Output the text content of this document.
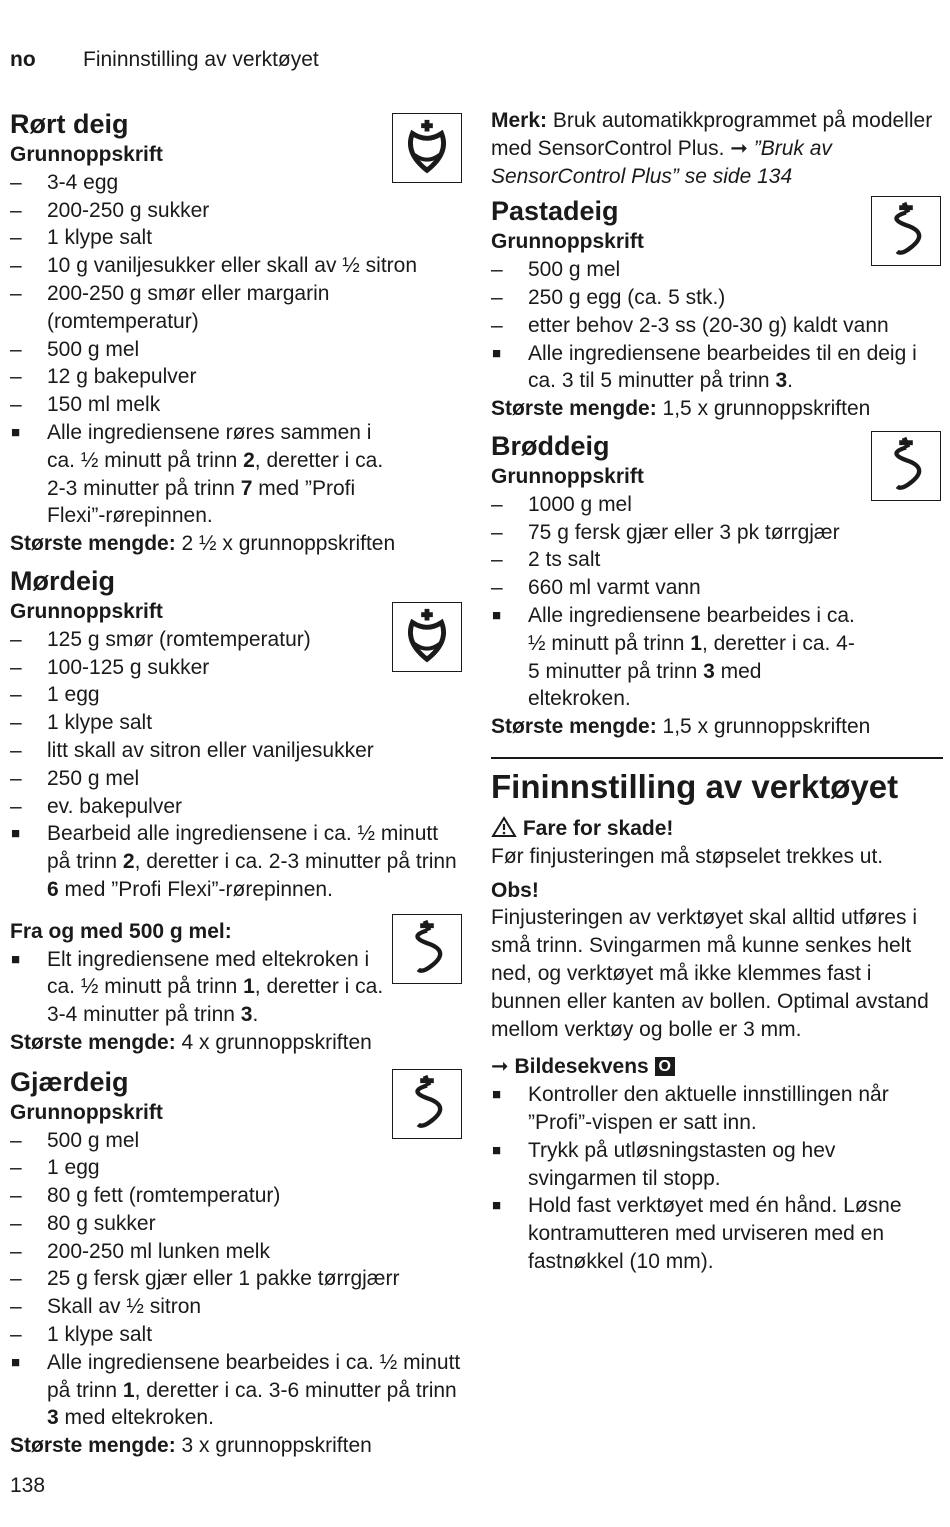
no Fininnstilling av verktøyet
Rørt deig

Grunnoppskrift

– 3-4 egg
– 200-250 g sukker
– 1 klype salt
– 10 g vaniljesukker eller skall av ½ sitron
– 200-250 g smør eller margarin (romtemperatur)
– 500 g mel
– 12 g bakepulver
– 150 ml melk
■ Alle ingrediensene røres sammen i ca. ½ minutt på trinn 2, deretter i ca. 2-3 minutter på trinn 7 med ”Profi Flexi”-rørepinnen.

Største mengde: 2 ½ x grunnoppskriften

Mørdeig

Grunnoppskrift

– 125 g smør (romtemperatur)
– 100-125 g sukker
– 1 egg
– 1 klype salt
– litt skall av sitron eller vaniljesukker
– 250 g mel
– ev. bakepulver
■ Bearbeid alle ingrediensene i ca. ½ minutt på trinn 2, deretter i ca. 2-3 minutter på trinn 6 med ”Profi Flexi”-rørepinnen.

Fra og med 500 g mel:

■ Elt ingrediensene med eltekroken i ca. ½ minutt på trinn 1, deretter i ca. 3-4 minutter på trinn 3.

Største mengde: 4 x grunnoppskriften

Gjærdeig

Grunnoppskrift

– 500 g mel
– 1 egg
– 80 g fett (romtemperatur)
– 80 g sukker
– 200-250 ml lunken melk
– 25 g fersk gjær eller 1 pakke tørrgjærr
– Skall av ½ sitron
– 1 klype salt
■ Alle ingrediensene bearbeides i ca. ½ minutt på trinn 1, deretter i ca. 3-6 minutter på trinn 3 med eltekroken.

Største mengde: 3 x grunnoppskriften

Merk: Bruk automatikkprogrammet på modeller med SensorControl Plus. ➞ ”Bruk av SensorControl Plus” se side 134

Pastadeig

Grunnoppskrift

– 500 g mel
– 250 g egg (ca. 5 stk.)
– etter behov 2-3 ss (20-30 g) kaldt vann
■ Alle ingrediensene bearbeides til en deig i ca. 3 til 5 minutter på trinn 3.

Største mengde: 1,5 x grunnoppskriften

Brøddeig

Grunnoppskrift

– 1000 g mel
– 75 g fersk gjær eller 3 pk tørrgjær
– 2 ts salt
– 660 ml varmt vann
■ Alle ingrediensene bearbeides i ca. ½ minutt på trinn 1, deretter i ca. 4-5 minutter på trinn 3 med eltekroken.

Største mengde: 1,5 x grunnoppskriften

Fininnstilling av verktøyet

Fare for skade!

Før finjusteringen må støpselet trekkes ut.

Obs!

Finjusteringen av verktøyet skal alltid utføres i små trinn. Svingarmen må kunne senkes helt ned, og verktøyet må ikke klemmes fast i bunnen eller kanten av bollen. Optimal avstand mellom verktøy og bolle er 3 mm.

➞ Bildesekvens O

■ Kontroller den aktuelle innstillingen når ”Profi”-vispen er satt inn.
■ Trykk på utløsningstasten og hev svingarmen til stopp.
■ Hold fast verktøyet med én hånd. Løsne kontramutteren med urviseren med en fastnøkkel (10 mm).
138
